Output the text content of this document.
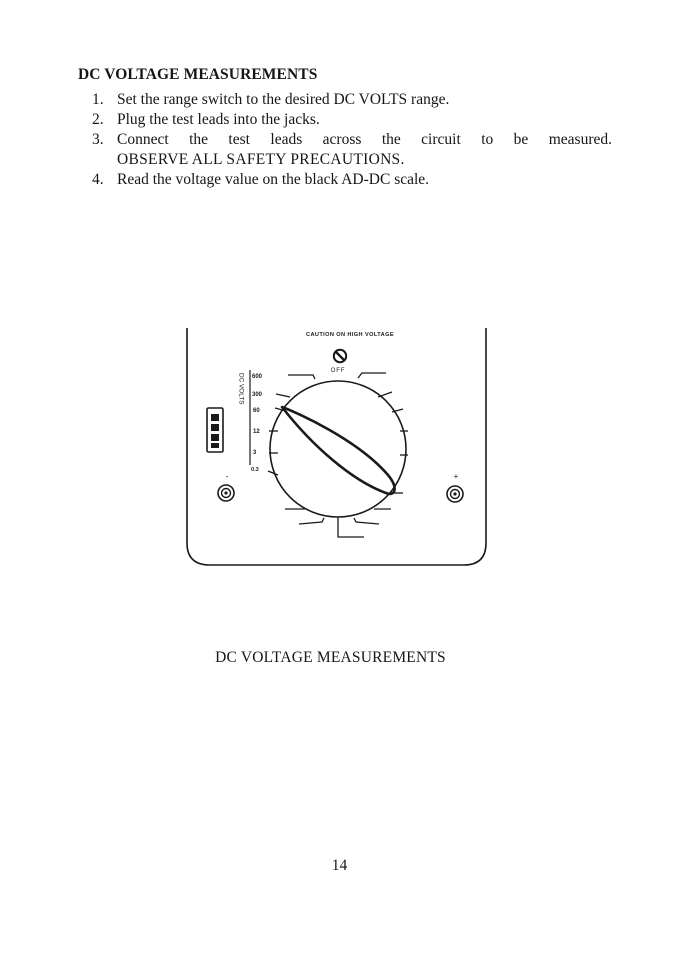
DC VOLTAGE MEASUREMENTS
1. Set the range switch to the desired DC VOLTS range.
2. Plug the test leads into the jacks.
3. Connect the test leads across the circuit to be measured.
OBSERVE ALL SAFETY PRECAUTIONS.
4. Read the voltage value on the black AD-DC scale.
CAUTION ON HIGH VOLTAGE
OFF
DC VOLTS 600
300
60
12
3
0.3
-	+
DC VOLTAGE MEASUREMENTS
14
